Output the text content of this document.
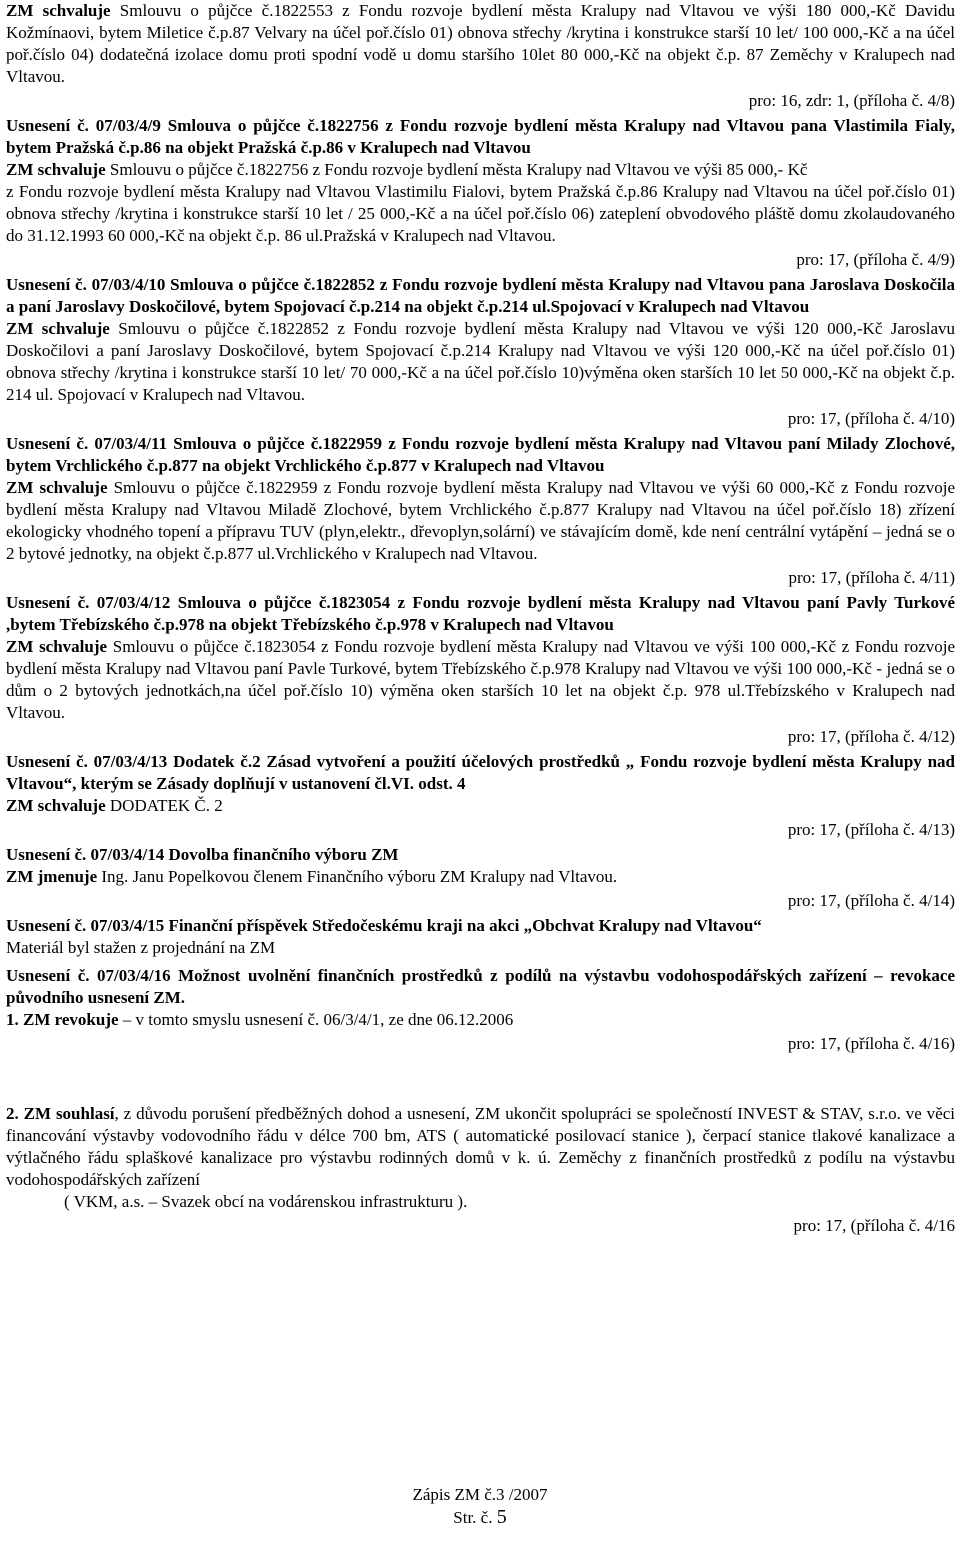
ZM schvaluje Smlouvu o půjčce č.1822553 z Fondu rozvoje bydlení města Kralupy nad Vltavou ve výši 180 000,-Kč Davidu Kožmínaovi, bytem Miletice č.p.87 Velvary na účel poř.číslo 01) obnova střechy /krytina i konstrukce starší 10 let/ 100 000,-Kč a na účel poř.číslo 04) dodatečná izolace domu proti spodní vodě u domu staršího 10let 80 000,-Kč na objekt č.p. 87 Zeměchy v Kralupech nad Vltavou.

pro: 16, zdr: 1, (příloha č. 4/8)

Usnesení č. 07/03/4/9 Smlouva o půjčce č.1822756 z Fondu rozvoje bydlení města Kralupy nad Vltavou pana Vlastimila Fialy, bytem Pražská č.p.86 na objekt Pražská č.p.86 v Kralupech nad Vltavou

ZM schvaluje Smlouvu o půjčce č.1822756 z Fondu rozvoje bydlení města Kralupy nad Vltavou ve výši 85 000,- Kč

z Fondu rozvoje bydlení města Kralupy nad Vltavou Vlastimilu Fialovi, bytem Pražská č.p.86 Kralupy nad Vltavou na účel poř.číslo 01) obnova střechy /krytina i konstrukce starší 10 let / 25 000,-Kč a na účel poř.číslo 06) zateplení obvodového pláště domu zkolaudovaného do 31.12.1993 60 000,-Kč na objekt č.p. 86 ul.Pražská v Kralupech nad Vltavou.

pro: 17, (příloha č. 4/9)

Usnesení č. 07/03/4/10 Smlouva o půjčce č.1822852 z Fondu rozvoje bydlení města Kralupy nad Vltavou pana Jaroslava Doskočila a paní Jaroslavy Doskočilové, bytem Spojovací č.p.214 na objekt č.p.214 ul.Spojovací v Kralupech nad Vltavou

ZM schvaluje Smlouvu o půjčce č.1822852 z Fondu rozvoje bydlení města Kralupy nad Vltavou ve výši 120 000,-Kč Jaroslavu Doskočilovi a paní Jaroslavy Doskočilové, bytem Spojovací č.p.214 Kralupy nad Vltavou ve výši 120 000,-Kč na účel poř.číslo 01) obnova střechy /krytina i konstrukce starší 10 let/ 70 000,-Kč a na účel poř.číslo 10)výměna oken starších 10 let 50 000,-Kč na objekt č.p. 214 ul. Spojovací v Kralupech nad Vltavou.

pro: 17, (příloha č. 4/10)

Usnesení č. 07/03/4/11 Smlouva o půjčce č.1822959 z Fondu rozvoje bydlení města Kralupy nad Vltavou paní Milady Zlochové, bytem Vrchlického č.p.877 na objekt Vrchlického č.p.877 v Kralupech nad Vltavou

ZM schvaluje Smlouvu o půjčce č.1822959 z Fondu rozvoje bydlení města Kralupy nad Vltavou ve výši 60 000,-Kč z Fondu rozvoje bydlení města Kralupy nad Vltavou Miladě Zlochové, bytem Vrchlického č.p.877 Kralupy nad Vltavou na účel poř.číslo 18) zřízení ekologicky vhodného topení a přípravu TUV (plyn,elektr., dřevoplyn,solární) ve stávajícím domě, kde není centrální vytápění – jedná se o 2 bytové jednotky, na objekt č.p.877 ul.Vrchlického v Kralupech nad Vltavou.

pro: 17, (příloha č. 4/11)

Usnesení č. 07/03/4/12 Smlouva o půjčce č.1823054 z Fondu rozvoje bydlení města Kralupy nad Vltavou paní Pavly Turkové ,bytem Třebízského č.p.978 na objekt Třebízského č.p.978 v Kralupech nad Vltavou

ZM schvaluje Smlouvu o půjčce č.1823054 z Fondu rozvoje bydlení města Kralupy nad Vltavou ve výši 100 000,-Kč z Fondu rozvoje bydlení města Kralupy nad Vltavou paní Pavle Turkové, bytem Třebízského č.p.978 Kralupy nad Vltavou ve výši 100 000,-Kč - jedná se o dům o 2 bytových jednotkách,na účel poř.číslo 10) výměna oken starších 10 let na objekt č.p. 978 ul.Třebízského v Kralupech nad Vltavou.

pro: 17, (příloha č. 4/12)

Usnesení č. 07/03/4/13 Dodatek č.2 Zásad vytvoření a použití účelových prostředků „ Fondu rozvoje bydlení města Kralupy nad Vltavou“, kterým se Zásady doplňují v ustanovení čl.VI. odst. 4

ZM schvaluje DODATEK Č. 2

pro: 17, (příloha č. 4/13)

Usnesení č. 07/03/4/14 Dovolba finančního výboru ZM

ZM jmenuje Ing. Janu Popelkovou členem Finančního výboru ZM Kralupy nad Vltavou.

pro: 17, (příloha č. 4/14)

Usnesení č. 07/03/4/15 Finanční příspěvek Středočeskému kraji na akci „Obchvat Kralupy nad Vltavou“

Materiál byl stažen z projednání na ZM

Usnesení č. 07/03/4/16 Možnost uvolnění finančních prostředků z podílů na výstavbu vodohospodářských zařízení – revokace původního usnesení ZM.

1. ZM revokuje – v tomto smyslu usnesení č. 06/3/4/1, ze dne 06.12.2006

pro: 17, (příloha č. 4/16)

2. ZM souhlasí, z důvodu porušení předběžných dohod a usnesení, ZM ukončit spolupráci se společností INVEST & STAV, s.r.o. ve věci financování výstavby vodovodního řádu v délce 700 bm, ATS ( automatické posilovací stanice ), čerpací stanice tlakové kanalizace a výtlačného řádu splaškové kanalizace pro výstavbu rodinných domů v k. ú. Zeměchy z finančních prostředků z podílu na výstavbu vodohospodářských zařízení

( VKM, a.s. – Svazek obcí na vodárenskou infrastrukturu ).

pro: 17, (příloha č. 4/16

Zápis ZM č.3 /2007
Str. č. 5
